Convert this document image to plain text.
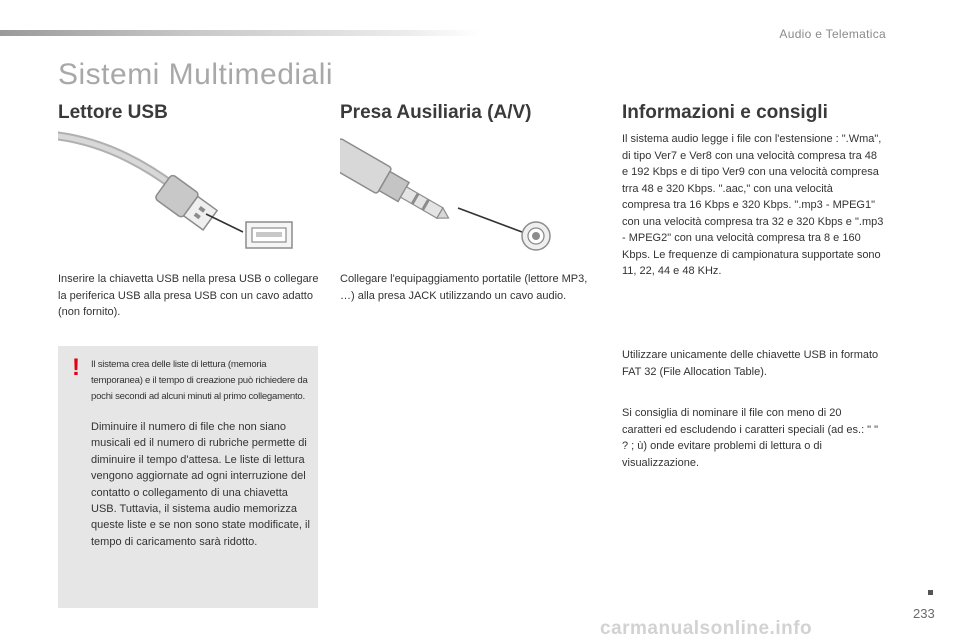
Audio e Telematica
Sistemi Multimediali
Lettore USB

Inserire la chiavetta USB nella presa USB o collegare la periferica USB alla presa USB con un cavo adatto (non fornito).

! Il sistema crea delle liste di lettura (memoria temporanea) e il tempo di creazione può richiedere da pochi secondi ad alcuni minuti al primo collegamento.

Diminuire il numero di file che non siano musicali ed il numero di rubriche permette di diminuire il tempo d'attesa. Le liste di lettura vengono aggiornate ad ogni interruzione del contatto o collegamento di una chiavetta USB. Tuttavia, il sistema audio memorizza queste liste e se non sono state modificate, il tempo di caricamento sarà ridotto.

Presa Ausiliaria (A/V)

Collegare l'equipaggiamento portatile (lettore MP3, …) alla presa JACK utilizzando un cavo audio.

Informazioni e consigli

Il sistema audio legge i file con l'estensione : ".Wma", di tipo Ver7 e Ver8 con una velocità compresa tra 48 e 192 Kbps e di tipo Ver9 con una velocità compresa trra 48 e 320 Kbps. ".aac," con una velocità compresa tra 16 Kbps e 320 Kbps. ".mp3 - MPEG1" con una velocità compresa tra 32 e 320 Kbps e ".mp3 - MPEG2" con una velocità compresa tra 8 e 160 Kbps. Le frequenze di campionatura supportate sono 11, 22, 44 e 48 KHz.

Utilizzare unicamente delle chiavette USB in formato FAT 32 (File Allocation Table).

Si consiglia di nominare il file con meno di 20 caratteri ed escludendo i caratteri speciali (ad es.: " " ? ; ù) onde evitare problemi di lettura o di visualizzazione.

233
carmanualsonline.info
